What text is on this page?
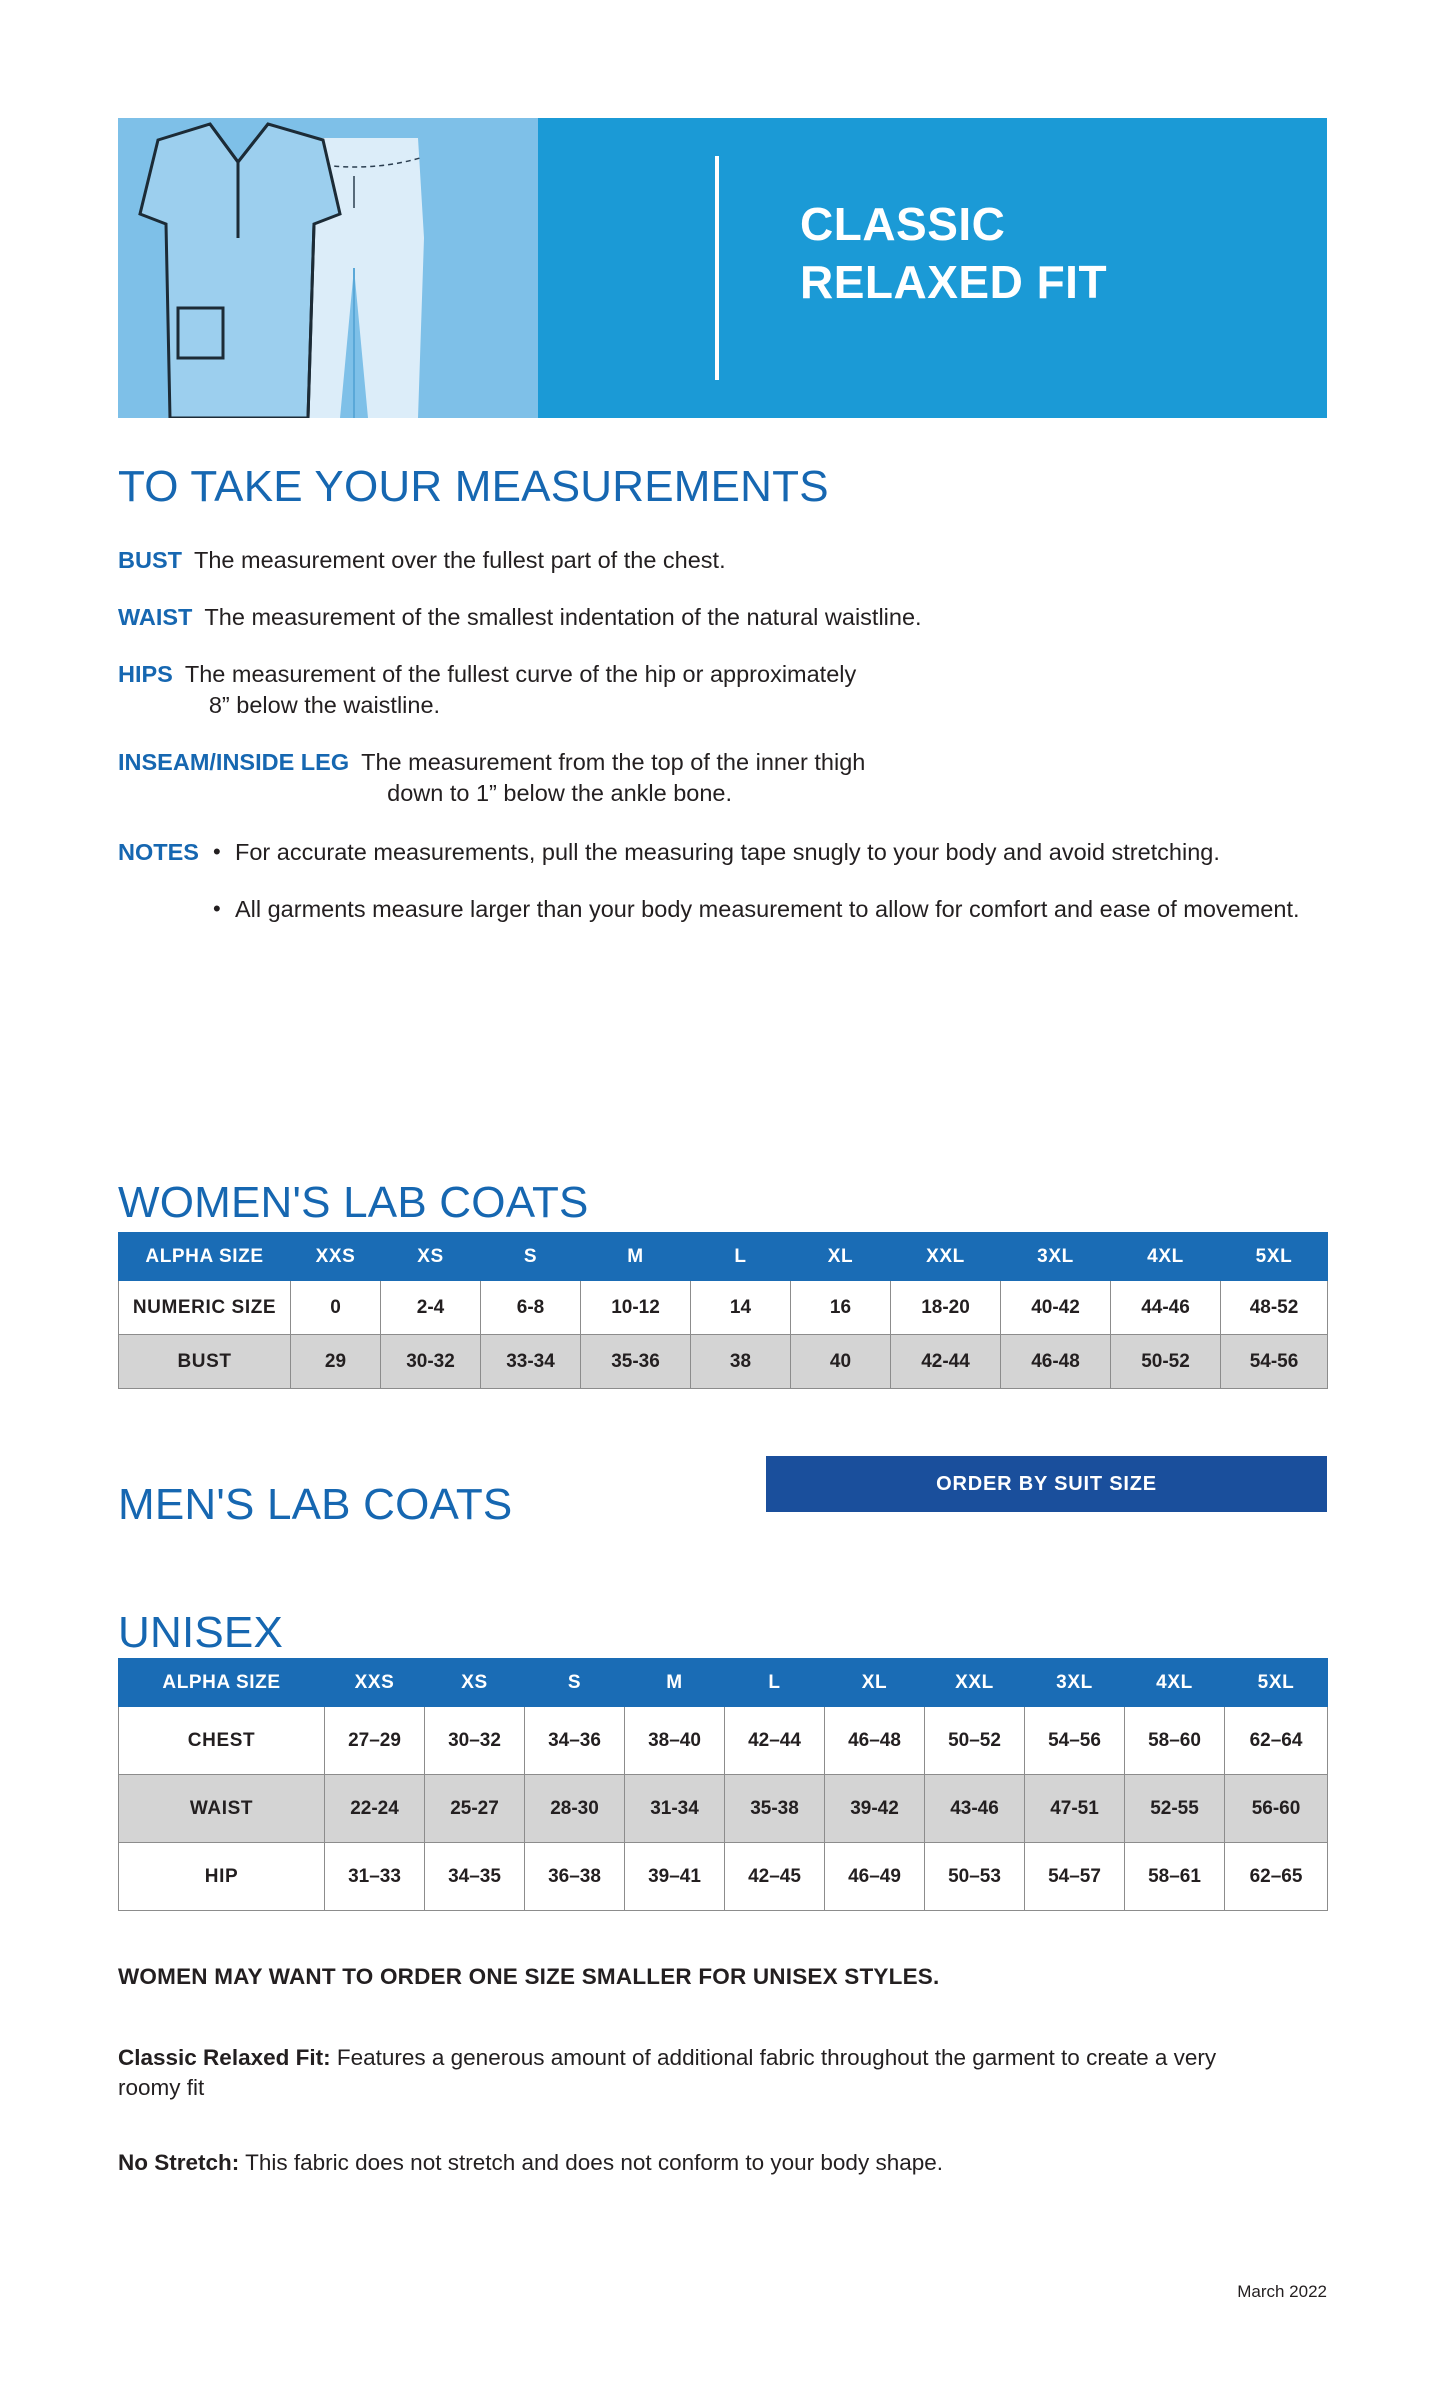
CLASSIC
RELAXED FIT
TO TAKE YOUR MEASUREMENTS
BUST The measurement over the fullest part of the chest.
WAIST The measurement of the smallest indentation of the natural waistline.
HIPS The measurement of the fullest curve of the hip or approximately
8” below the waistline.
INSEAM/INSIDE LEG The measurement from the top of the inner thigh
down to 1” below the ankle bone.
NOTES • For accurate measurements, pull the measuring tape snugly to your body and avoid stretching.
• All garments measure larger than your body measurement to allow for comfort and ease of movement.
WOMEN'S LAB COATS
ALPHA SIZE	XXS	XS	S	M	L	XL	XXL	3XL	4XL	5XL
NUMERIC SIZE	0	2-4	6-8	10-12	14	16	18-20	40-42	44-46	48-52
BUST	29	30-32	33-34	35-36	38	40	42-44	46-48	50-52	54-56
MEN'S LAB COATS	ORDER BY SUIT SIZE
UNISEX
ALPHA SIZE	XXS	XS	S	M	L	XL	XXL	3XL	4XL	5XL
CHEST	27–29	30–32	34–36	38–40	42–44	46–48	50–52	54–56	58–60	62–64
WAIST	22-24	25-27	28-30	31-34	35-38	39-42	43-46	47-51	52-55	56-60
HIP	31–33	34–35	36–38	39–41	42–45	46–49	50–53	54–57	58–61	62–65
WOMEN MAY WANT TO ORDER ONE SIZE SMALLER FOR UNISEX STYLES.
Classic Relaxed Fit: Features a generous amount of additional fabric throughout the garment to create a very roomy fit
No Stretch: This fabric does not stretch and does not conform to your body shape.
March 2022
